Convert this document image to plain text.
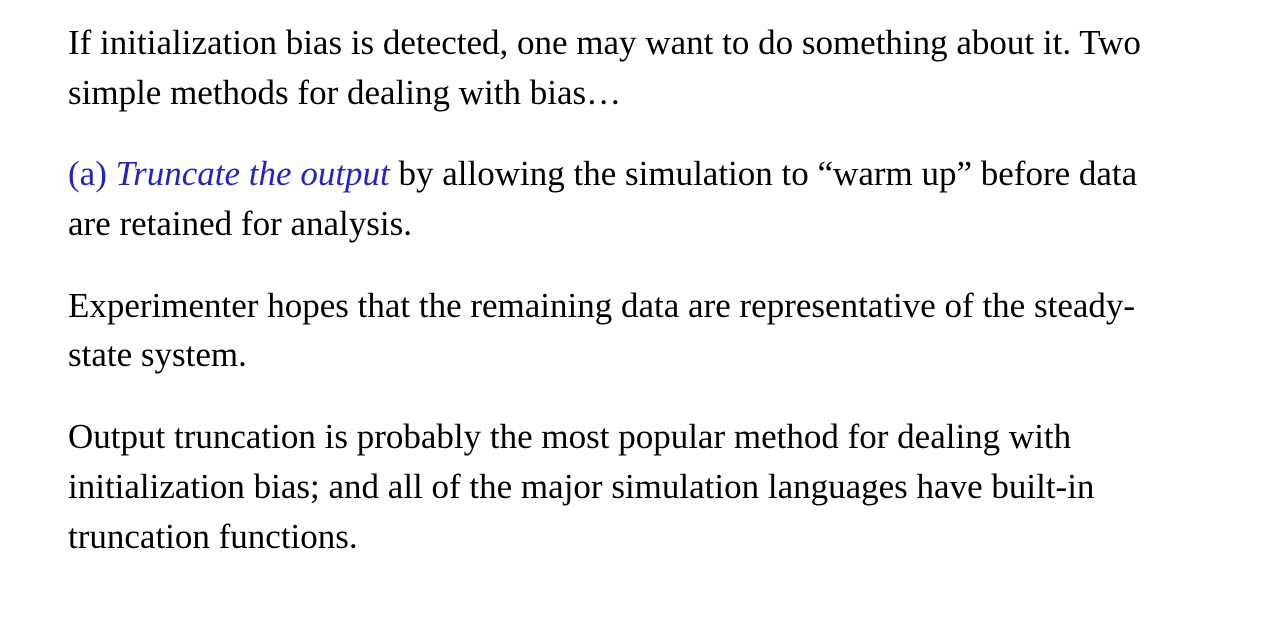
If initialization bias is detected, one may want to do something about it. Two simple methods for dealing with bias…

(a) Truncate the output by allowing the simulation to “warm up” before data are retained for analysis.

Experimenter hopes that the remaining data are representative of the steady-state system.

Output truncation is probably the most popular method for dealing with initialization bias; and all of the major simulation languages have built-in truncation functions.
